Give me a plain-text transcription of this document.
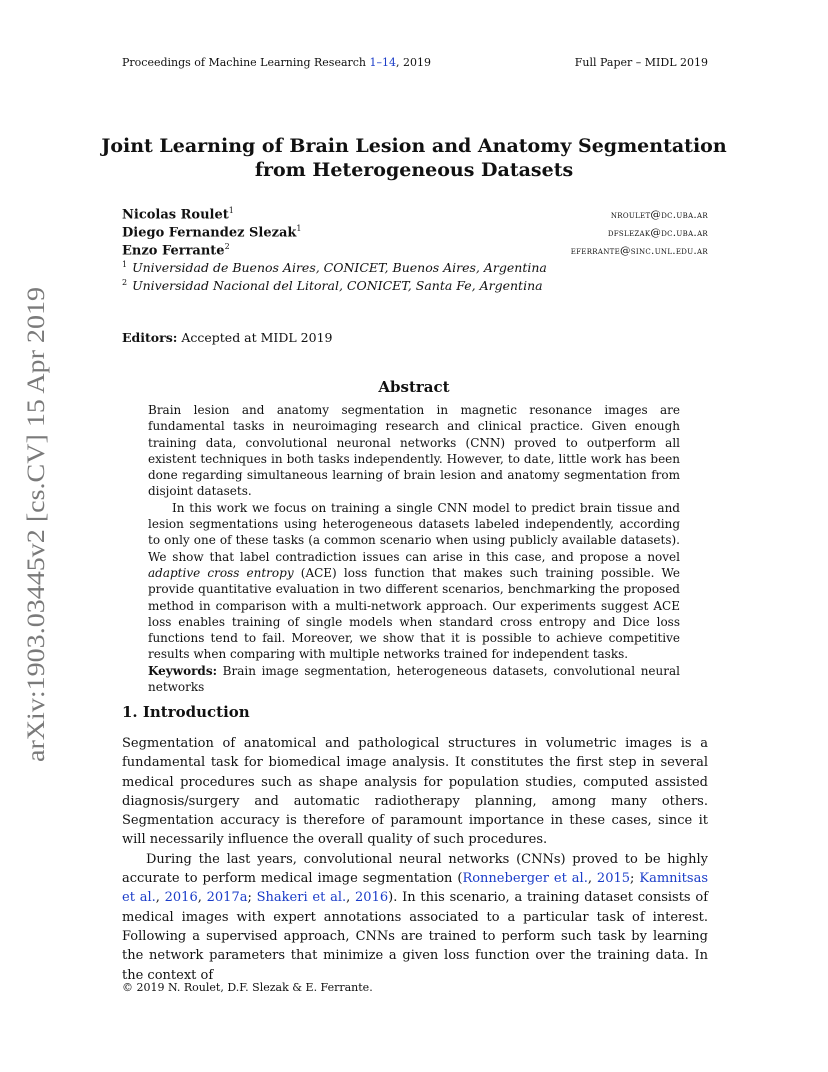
Proceedings of Machine Learning Research 1–14, 2019	Full Paper – MIDL 2019
arXiv:1903.03445v2 [cs.CV] 15 Apr 2019
Joint Learning of Brain Lesion and Anatomy Segmentation
from Heterogeneous Datasets
Nicolas Roulet$^1$	nroulet@dc.uba.ar
Diego Fernandez Slezak$^1$	dfslezak@dc.uba.ar
Enzo Ferrante$^2$	eferrante@sinc.unl.edu.ar
$^1$ Universidad de Buenos Aires, CONICET, Buenos Aires, Argentina
$^2$ Universidad Nacional del Litoral, CONICET, Santa Fe, Argentina
Editors: Accepted at MIDL 2019
Abstract

Brain lesion and anatomy segmentation in magnetic resonance images are fundamental tasks in neuroimaging research and clinical practice. Given enough training data, convolutional neuronal networks (CNN) proved to outperform all existent techniques in both tasks independently. However, to date, little work has been done regarding simultaneous learning of brain lesion and anatomy segmentation from disjoint datasets.

In this work we focus on training a single CNN model to predict brain tissue and lesion segmentations using heterogeneous datasets labeled independently, according to only one of these tasks (a common scenario when using publicly available datasets). We show that label contradiction issues can arise in this case, and propose a novel adaptive cross entropy (ACE) loss function that makes such training possible. We provide quantitative evaluation in two different scenarios, benchmarking the proposed method in comparison with a multi-network approach. Our experiments suggest ACE loss enables training of single models when standard cross entropy and Dice loss functions tend to fail. Moreover, we show that it is possible to achieve competitive results when comparing with multiple networks trained for independent tasks.

Keywords: Brain image segmentation, heterogeneous datasets, convolutional neural networks

1. Introduction

Segmentation of anatomical and pathological structures in volumetric images is a fundamental task for biomedical image analysis. It constitutes the first step in several medical procedures such as shape analysis for population studies, computed assisted diagnosis/surgery and automatic radiotherapy planning, among many others. Segmentation accuracy is therefore of paramount importance in these cases, since it will necessarily influence the overall quality of such procedures.

During the last years, convolutional neural networks (CNNs) proved to be highly accurate to perform medical image segmentation (Ronneberger et al., 2015; Kamnitsas et al., 2016, 2017a; Shakeri et al., 2016). In this scenario, a training dataset consists of medical images with expert annotations associated to a particular task of interest. Following a supervised approach, CNNs are trained to perform such task by learning the network parameters that minimize a given loss function over the training data. In the context of

© 2019 N. Roulet, D.F. Slezak & E. Ferrante.
